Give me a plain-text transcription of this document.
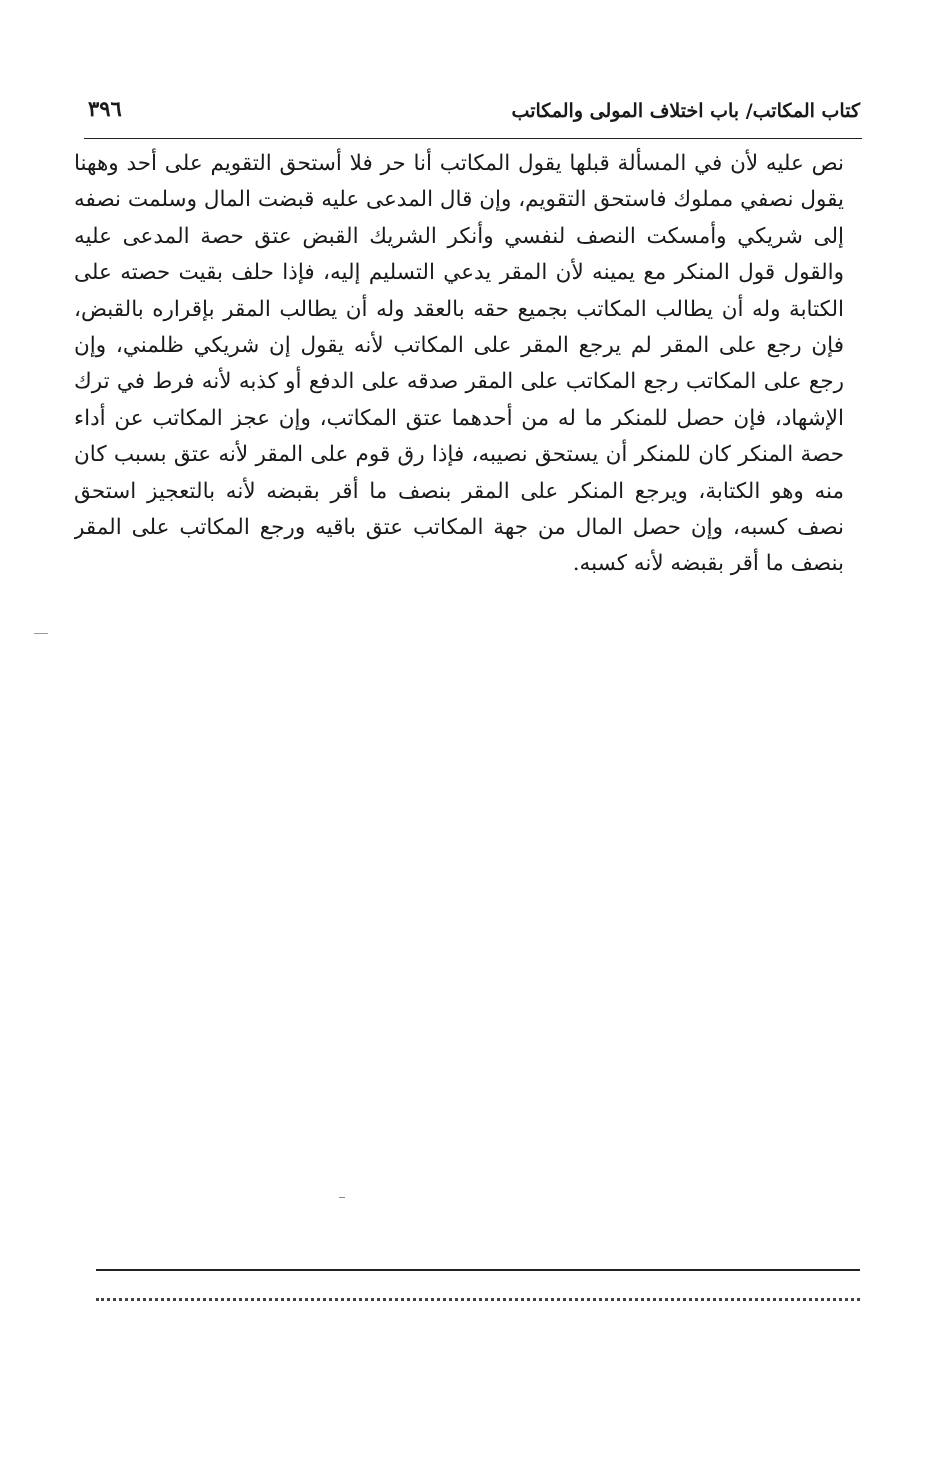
كتاب المكاتب/ باب اختلاف المولى والمكاتب
٣٩٦
نص عليه لأن في المسألة قبلها يقول المكاتب أنا حر فلا أستحق التقويم على أحد وههنا
يقول نصفي مملوك فاستحق التقويم، وإن قال المدعى عليه قبضت المال وسلمت نصفه
إلى شريكي وأمسكت النصف لنفسي وأنكر الشريك القبض عتق حصة المدعى عليه
والقول قول المنكر مع يمينه لأن المقر يدعي التسليم إليه، فإذا حلف بقيت حصته على
الكتابة وله أن يطالب المكاتب بجميع حقه بالعقد وله أن يطالب المقر بإقراره بالقبض،
فإن رجع على المقر لم يرجع المقر على المكاتب لأنه يقول إن شريكي ظلمني، وإن
رجع على المكاتب رجع المكاتب على المقر صدقه على الدفع أو كذبه لأنه فرط في ترك
الإشهاد، فإن حصل للمنكر ما له من أحدهما عتق المكاتب، وإن عجز المكاتب عن أداء
حصة المنكر كان للمنكر أن يستحق نصيبه، فإذا رق قوم على المقر لأنه عتق بسبب كان
منه وهو الكتابة، ويرجع المنكر على المقر بنصف ما أقر بقبضه لأنه بالتعجيز استحق
نصف كسبه، وإن حصل المال من جهة المكاتب عتق باقيه ورجع المكاتب على المقر
بنصف ما أقر بقبضه لأنه كسبه.
